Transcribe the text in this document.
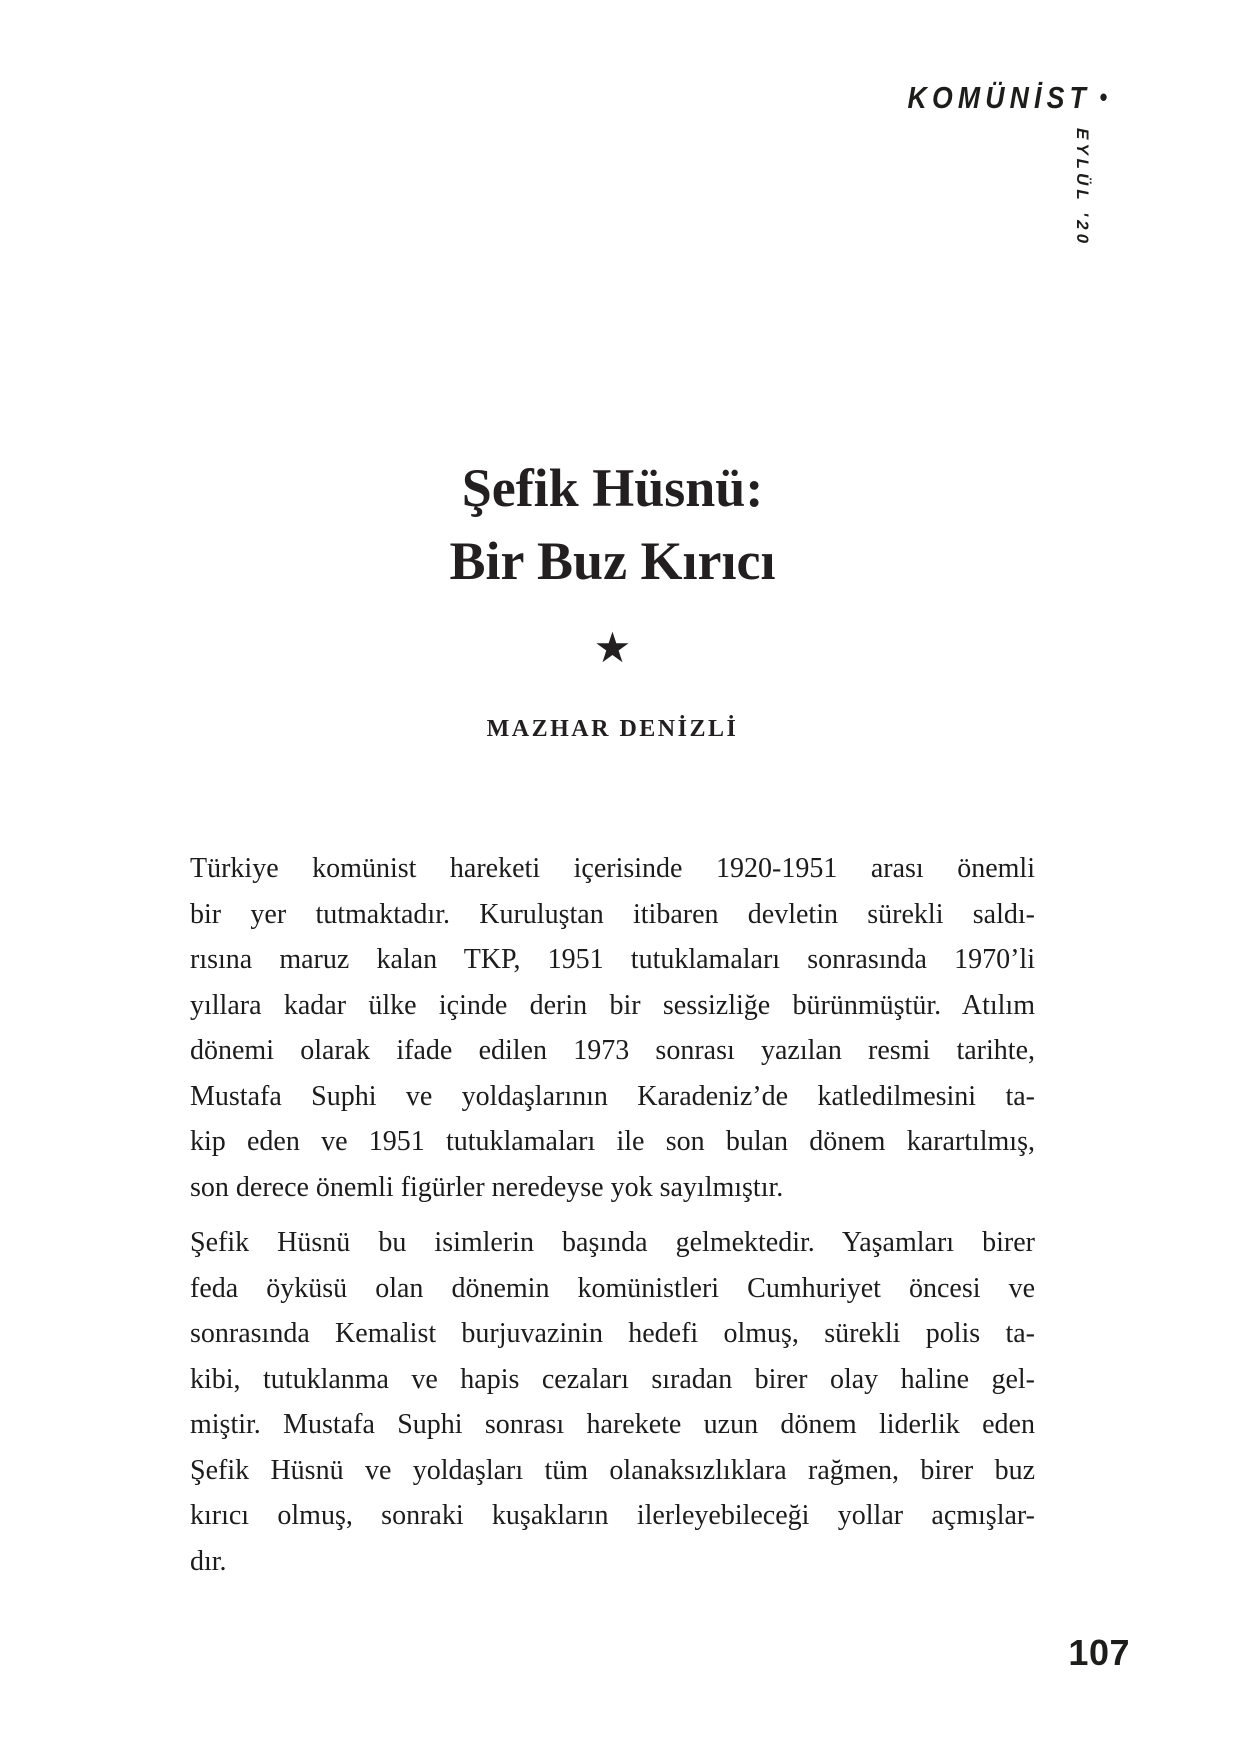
KOMÜNİST •
EYLÜL '20
Şefik Hüsnü:
Bir Buz Kırıcı
★
MAZHAR DENİZLİ
Türkiye komünist hareketi içerisinde 1920-1951 arası önemli
bir yer tutmaktadır. Kuruluştan itibaren devletin sürekli saldı-
rısına maruz kalan TKP, 1951 tutuklamaları sonrasında 1970’li
yıllara kadar ülke içinde derin bir sessizliğe bürünmüştür. Atılım
dönemi olarak ifade edilen 1973 sonrası yazılan resmi tarihte,
Mustafa Suphi ve yoldaşlarının Karadeniz’de katledilmesini ta-
kip eden ve 1951 tutuklamaları ile son bulan dönem karartılmış,
son derece önemli figürler neredeyse yok sayılmıştır.
Şefik Hüsnü bu isimlerin başında gelmektedir. Yaşamları birer
feda öyküsü olan dönemin komünistleri Cumhuriyet öncesi ve
sonrasında Kemalist burjuvazinin hedefi olmuş, sürekli polis ta-
kibi, tutuklanma ve hapis cezaları sıradan birer olay haline gel-
miştir. Mustafa Suphi sonrası harekete uzun dönem liderlik eden
Şefik Hüsnü ve yoldaşları tüm olanaksızlıklara rağmen, birer buz
kırıcı olmuş, sonraki kuşakların ilerleyebileceği yollar açmışlar-
dır.
107
